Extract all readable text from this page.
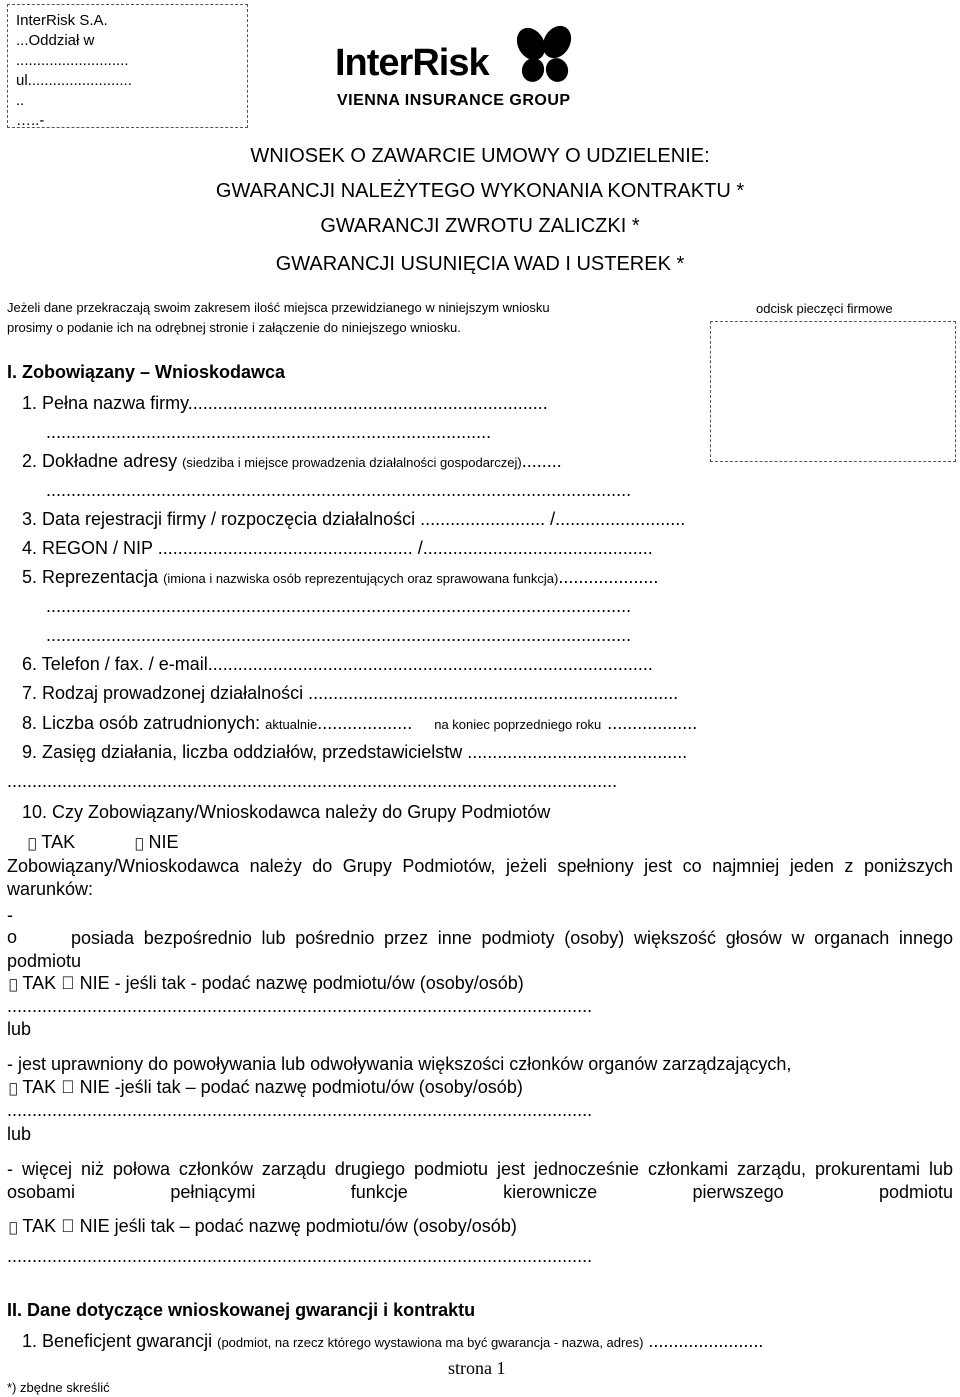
InterRisk S.A.
...Oddział w
...........................
ul.........................
..
…..-
InterRisk
VIENNA INSURANCE GROUP
WNIOSEK O ZAWARCIE UMOWY O UDZIELENIE:
GWARANCJI NALEŻYTEGO WYKONANIA KONTRAKTU *
GWARANCJI ZWROTU ZALICZKI *
GWARANCJI USUNIĘCIA WAD I USTEREK *
Jeżeli dane przekraczają swoim zakresem ilość miejsca przewidzianego w niniejszym wniosku
prosimy o podanie ich na odrębnej stronie i załączenie do niniejszego wniosku.
odcisk pieczęci firmowe
I. Zobowiązany – Wnioskodawca
1. Pełna nazwa firmy........................................................................
.........................................................................................
2. Dokładne adresy (siedziba i miejsce prowadzenia działalności gospodarczej)........
.....................................................................................................................
3. Data rejestracji firmy / rozpoczęcia działalności ......................... /..........................
4. REGON / NIP ................................................... /..............................................
5. Reprezentacja (imiona i nazwiska osób reprezentujących oraz sprawowana funkcja)....................
.....................................................................................................................
.....................................................................................................................
6. Telefon / fax. / e-mail.........................................................................................
7. Rodzaj prowadzonej działalności ..........................................................................
8. Liczba osób zatrudnionych: aktualnie................... na koniec poprzedniego roku ..................
9. Zasięg działania, liczba oddziałów, przedstawicielstw ............................................
..........................................................................................................................
10. Czy Zobowiązany/Wnioskodawca należy do Grupy Podmiotów
TAK	NIE
Zobowiązany/Wnioskodawca należy do Grupy Podmiotów, jeżeli spełniony jest co najmniej jeden z poniższych warunków:
-
o	posiada bezpośrednio lub pośrednio przez inne podmioty (osoby) większość głosów w organach innego podmiotu
TAK NIE - jeśli tak - podać nazwę podmiotu/ów (osoby/osób)
.....................................................................................................................
lub
- jest uprawniony do powoływania lub odwoływania większości członków organów zarządzających,
TAK NIE -jeśli tak – podać nazwę podmiotu/ów (osoby/osób)
.....................................................................................................................
lub
- więcej niż połowa członków zarządu drugiego podmiotu jest jednocześnie członkami zarządu, prokurentami lub osobami pełniącymi funkcje kierownicze pierwszego podmiotu
TAK NIE jeśli tak – podać nazwę podmiotu/ów (osoby/osób)
.....................................................................................................................
II. Dane dotyczące wnioskowanej gwarancji i kontraktu
1. Beneficjent gwarancji (podmiot, na rzecz którego wystawiona ma być gwarancja - nazwa, adres) .......................
strona 1
*) zbędne skreślić
